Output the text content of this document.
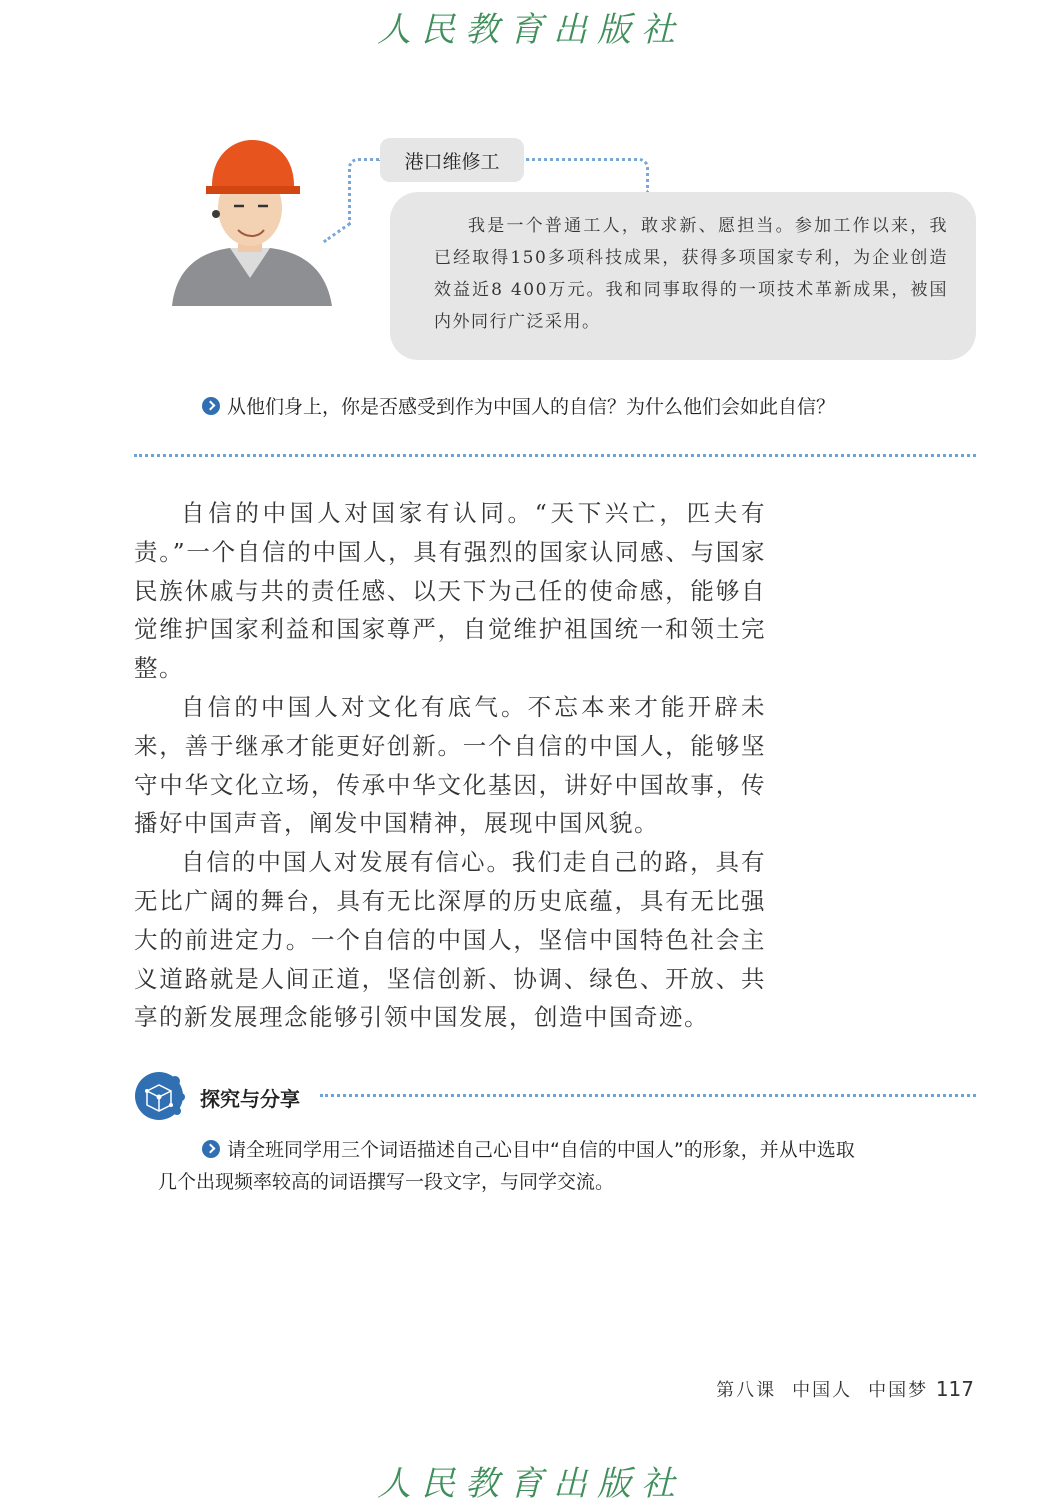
人民教育出版社
港口维修工
我是一个普通工人，敢求新、愿担当。参加工作以来，我已经取得150多项科技成果，获得多项国家专利，为企业创造效益近8 400万元。我和同事取得的一项技术革新成果，被国内外同行广泛采用。
从他们身上，你是否感受到作为中国人的自信？为什么他们会如此自信？

自信的中国人对国家有认同。“天下兴亡，匹夫有责。”一个自信的中国人，具有强烈的国家认同感、与国家民族休戚与共的责任感、以天下为己任的使命感，能够自觉维护国家利益和国家尊严，自觉维护祖国统一和领土完整。

自信的中国人对文化有底气。不忘本来才能开辟未来，善于继承才能更好创新。一个自信的中国人，能够坚守中华文化立场，传承中华文化基因，讲好中国故事，传播好中国声音，阐发中国精神，展现中国风貌。

自信的中国人对发展有信心。我们走自己的路，具有无比广阔的舞台，具有无比深厚的历史底蕴，具有无比强大的前进定力。一个自信的中国人，坚信中国特色社会主义道路就是人间正道，坚信创新、协调、绿色、开放、共享的新发展理念能够引领中国发展，创造中国奇迹。

探究与分享
请全班同学用三个词语描述自己心目中“自信的中国人”的形象，并从中选取
几个出现频率较高的词语撰写一段文字，与同学交流。
第八课 中国人 中国梦 117
人民教育出版社
